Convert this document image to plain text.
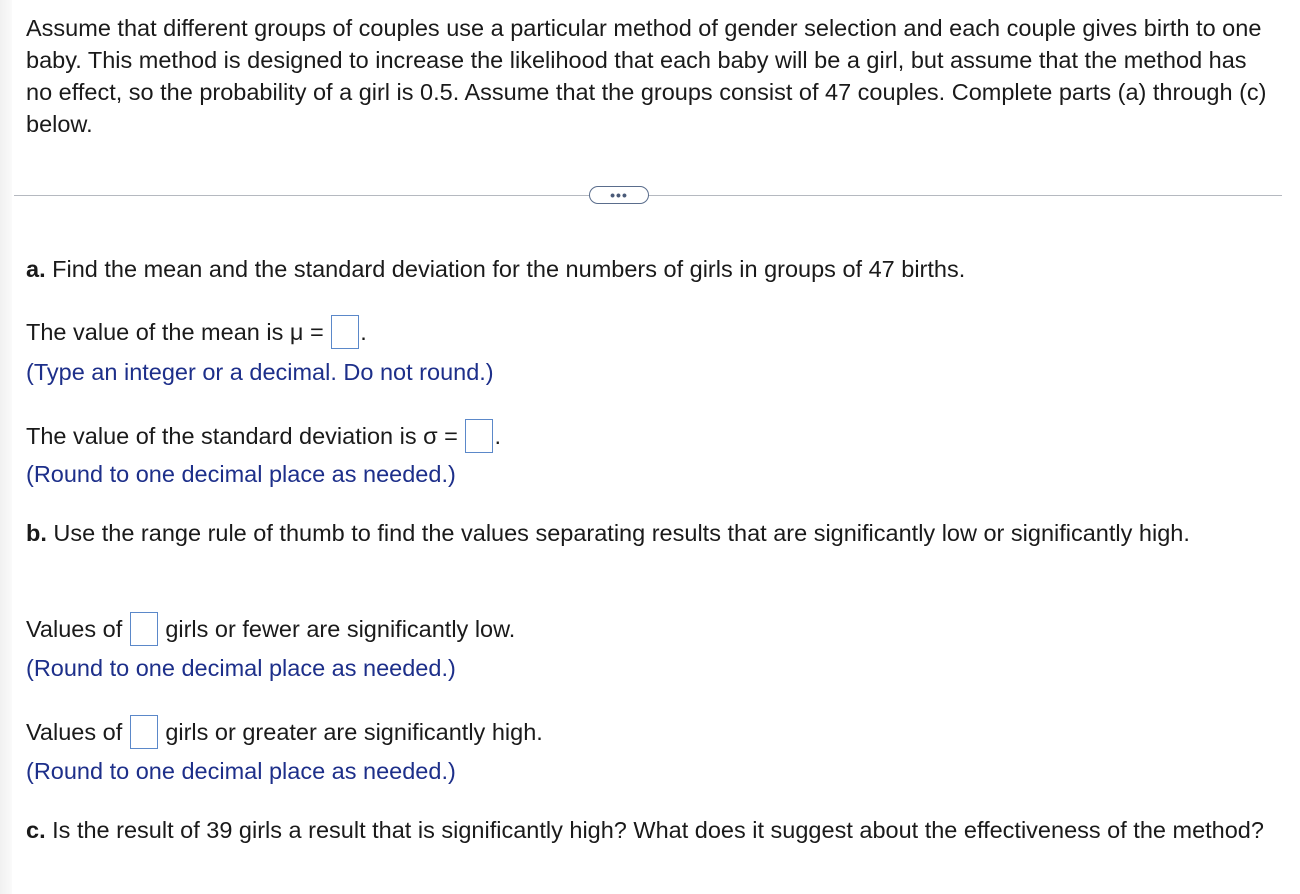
Assume that different groups of couples use a particular method of gender selection and each couple gives birth to one baby. This method is designed to increase the likelihood that each baby will be a girl, but assume that the method has no effect, so the probability of a girl is 0.5. Assume that the groups consist of 47 couples. Complete parts (a) through (c) below.
•••
a. Find the mean and the standard deviation for the numbers of girls in groups of 47 births.
The value of the mean is μ = .
(Type an integer or a decimal. Do not round.)
The value of the standard deviation is σ = .
(Round to one decimal place as needed.)
b. Use the range rule of thumb to find the values separating results that are significantly low or significantly high.
Values of girls or fewer are significantly low.
(Round to one decimal place as needed.)
Values of girls or greater are significantly high.
(Round to one decimal place as needed.)
c. Is the result of 39 girls a result that is significantly high? What does it suggest about the effectiveness of the method?
